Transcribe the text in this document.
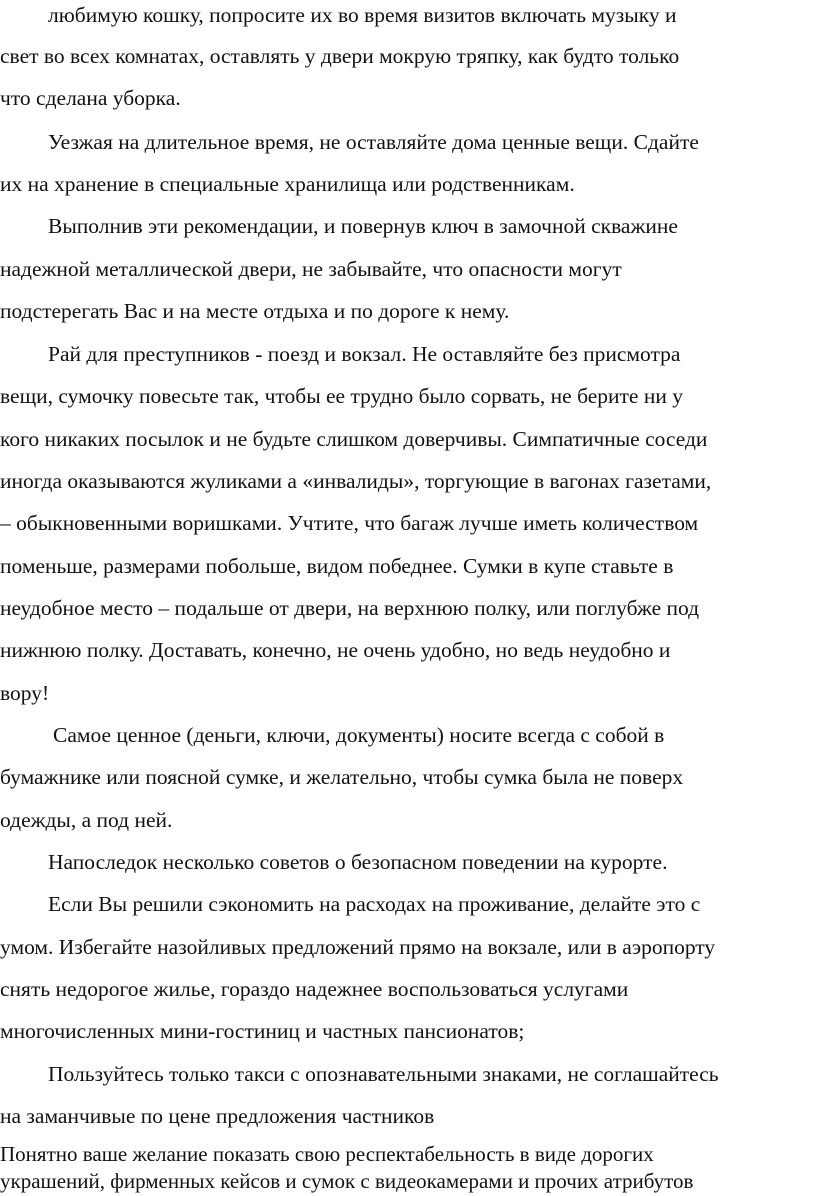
любимую кошку, попросите их во время визитов включать музыку и
свет во всех комнатах, оставлять у двери мокрую тряпку, как будто только
что сделана уборка.
Уезжая на длительное время, не оставляйте дома ценные вещи. Сдайте
их на хранение в специальные хранилища или родственникам.
Выполнив эти рекомендации, и повернув ключ в замочной скважине
надежной металлической двери, не забывайте, что опасности могут
подстерегать Вас и на месте отдыха и по дороге к нему.
Рай для преступников - поезд и вокзал. Не оставляйте без присмотра
вещи, сумочку повесьте так, чтобы ее трудно было сорвать, не берите ни у
кого никаких посылок и не будьте слишком доверчивы. Симпатичные соседи
иногда оказываются жуликами а «инвалиды», торгующие в вагонах газетами,
– обыкновенными воришками. Учтите, что багаж лучше иметь количеством
поменьше, размерами побольше, видом победнее. Сумки в купе ставьте в
неудобное место – подальше от двери, на верхнюю полку, или поглубже под
нижнюю полку. Доставать, конечно, не очень удобно, но ведь неудобно и
вору!
Самое ценное (деньги, ключи, документы) носите всегда с собой в
бумажнике или поясной сумке, и желательно, чтобы сумка была не поверх
одежды, а под ней.
Напоследок несколько советов о безопасном поведении на курорте.
Если Вы решили сэкономить на расходах на проживание, делайте это с
умом. Избегайте назойливых предложений прямо на вокзале, или в аэропорту
снять недорогое жилье, гораздо надежнее воспользоваться услугами
многочисленных мини-гостиниц и частных пансионатов;
Пользуйтесь только такси с опознавательными знаками, не соглашайтесь
на заманчивые по цене предложения частников
Понятно ваше желание показать свою респектабельность в виде дорогих
украшений, фирменных кейсов и сумок с видеокамерами и прочих атрибутов
